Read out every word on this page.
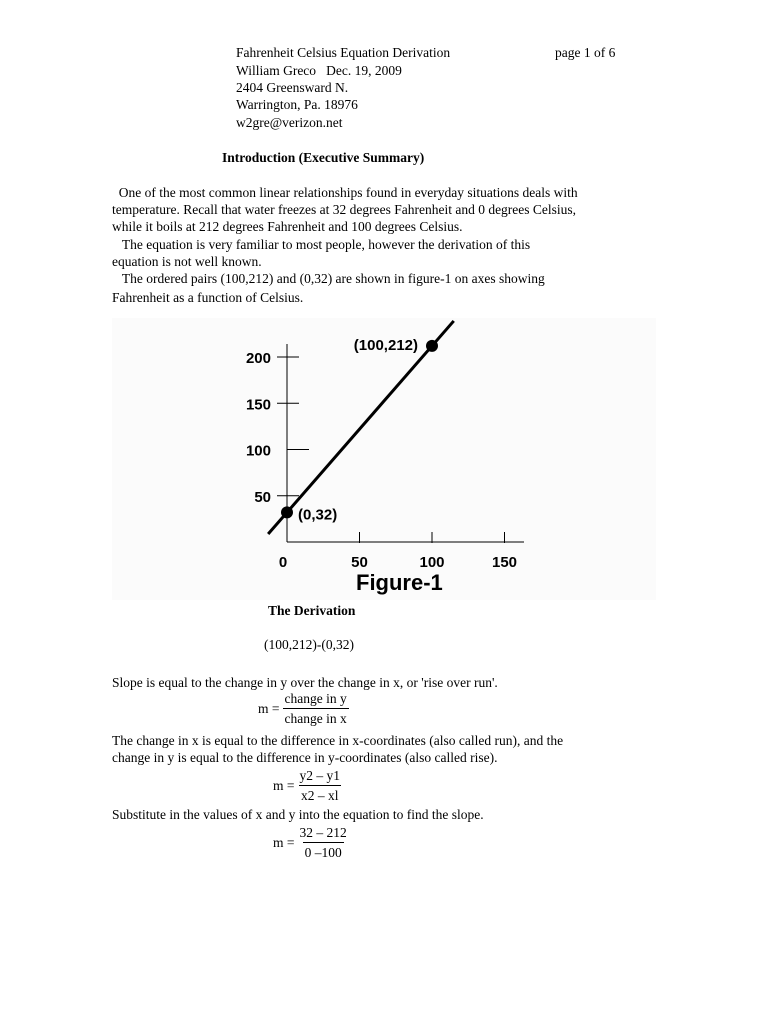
Fahrenheit Celsius Equation Derivation	page 1 of 6
William Greco   Dec. 19, 2009
2404 Greensward N.
Warrington, Pa. 18976
w2gre@verizon.net
Introduction (Executive Summary)
One of the most common linear relationships found in everyday situations deals with
temperature. Recall that water freezes at 32 degrees Fahrenheit and 0 degrees Celsius,
while it boils at 212 degrees Fahrenheit and 100 degrees Celsius.
The equation is very familiar to most people, however the derivation of this
equation is not well known.
The ordered pairs (100,212) and (0,32) are shown in figure-1 on axes showing
Fahrenheit as a function of Celsius.
50
100
150
200
0	50	100	150
(100,212)
(0,32)
Figure-1
The Derivation
(100,212)-(0,32)
Slope is equal to the change in y over the change in x, or 'rise over run'.
$m = \frac{\text{change in y}}{\text{change in x}}$
The change in x is equal to the difference in x-coordinates (also called run), and the
change in y is equal to the difference in y-coordinates (also called rise).
$m = \frac{y2 - y1}{x2 - xl}$
Substitute in the values of x and y into the equation to find the slope.
$m = \frac{32 - 212}{0 -100}$
